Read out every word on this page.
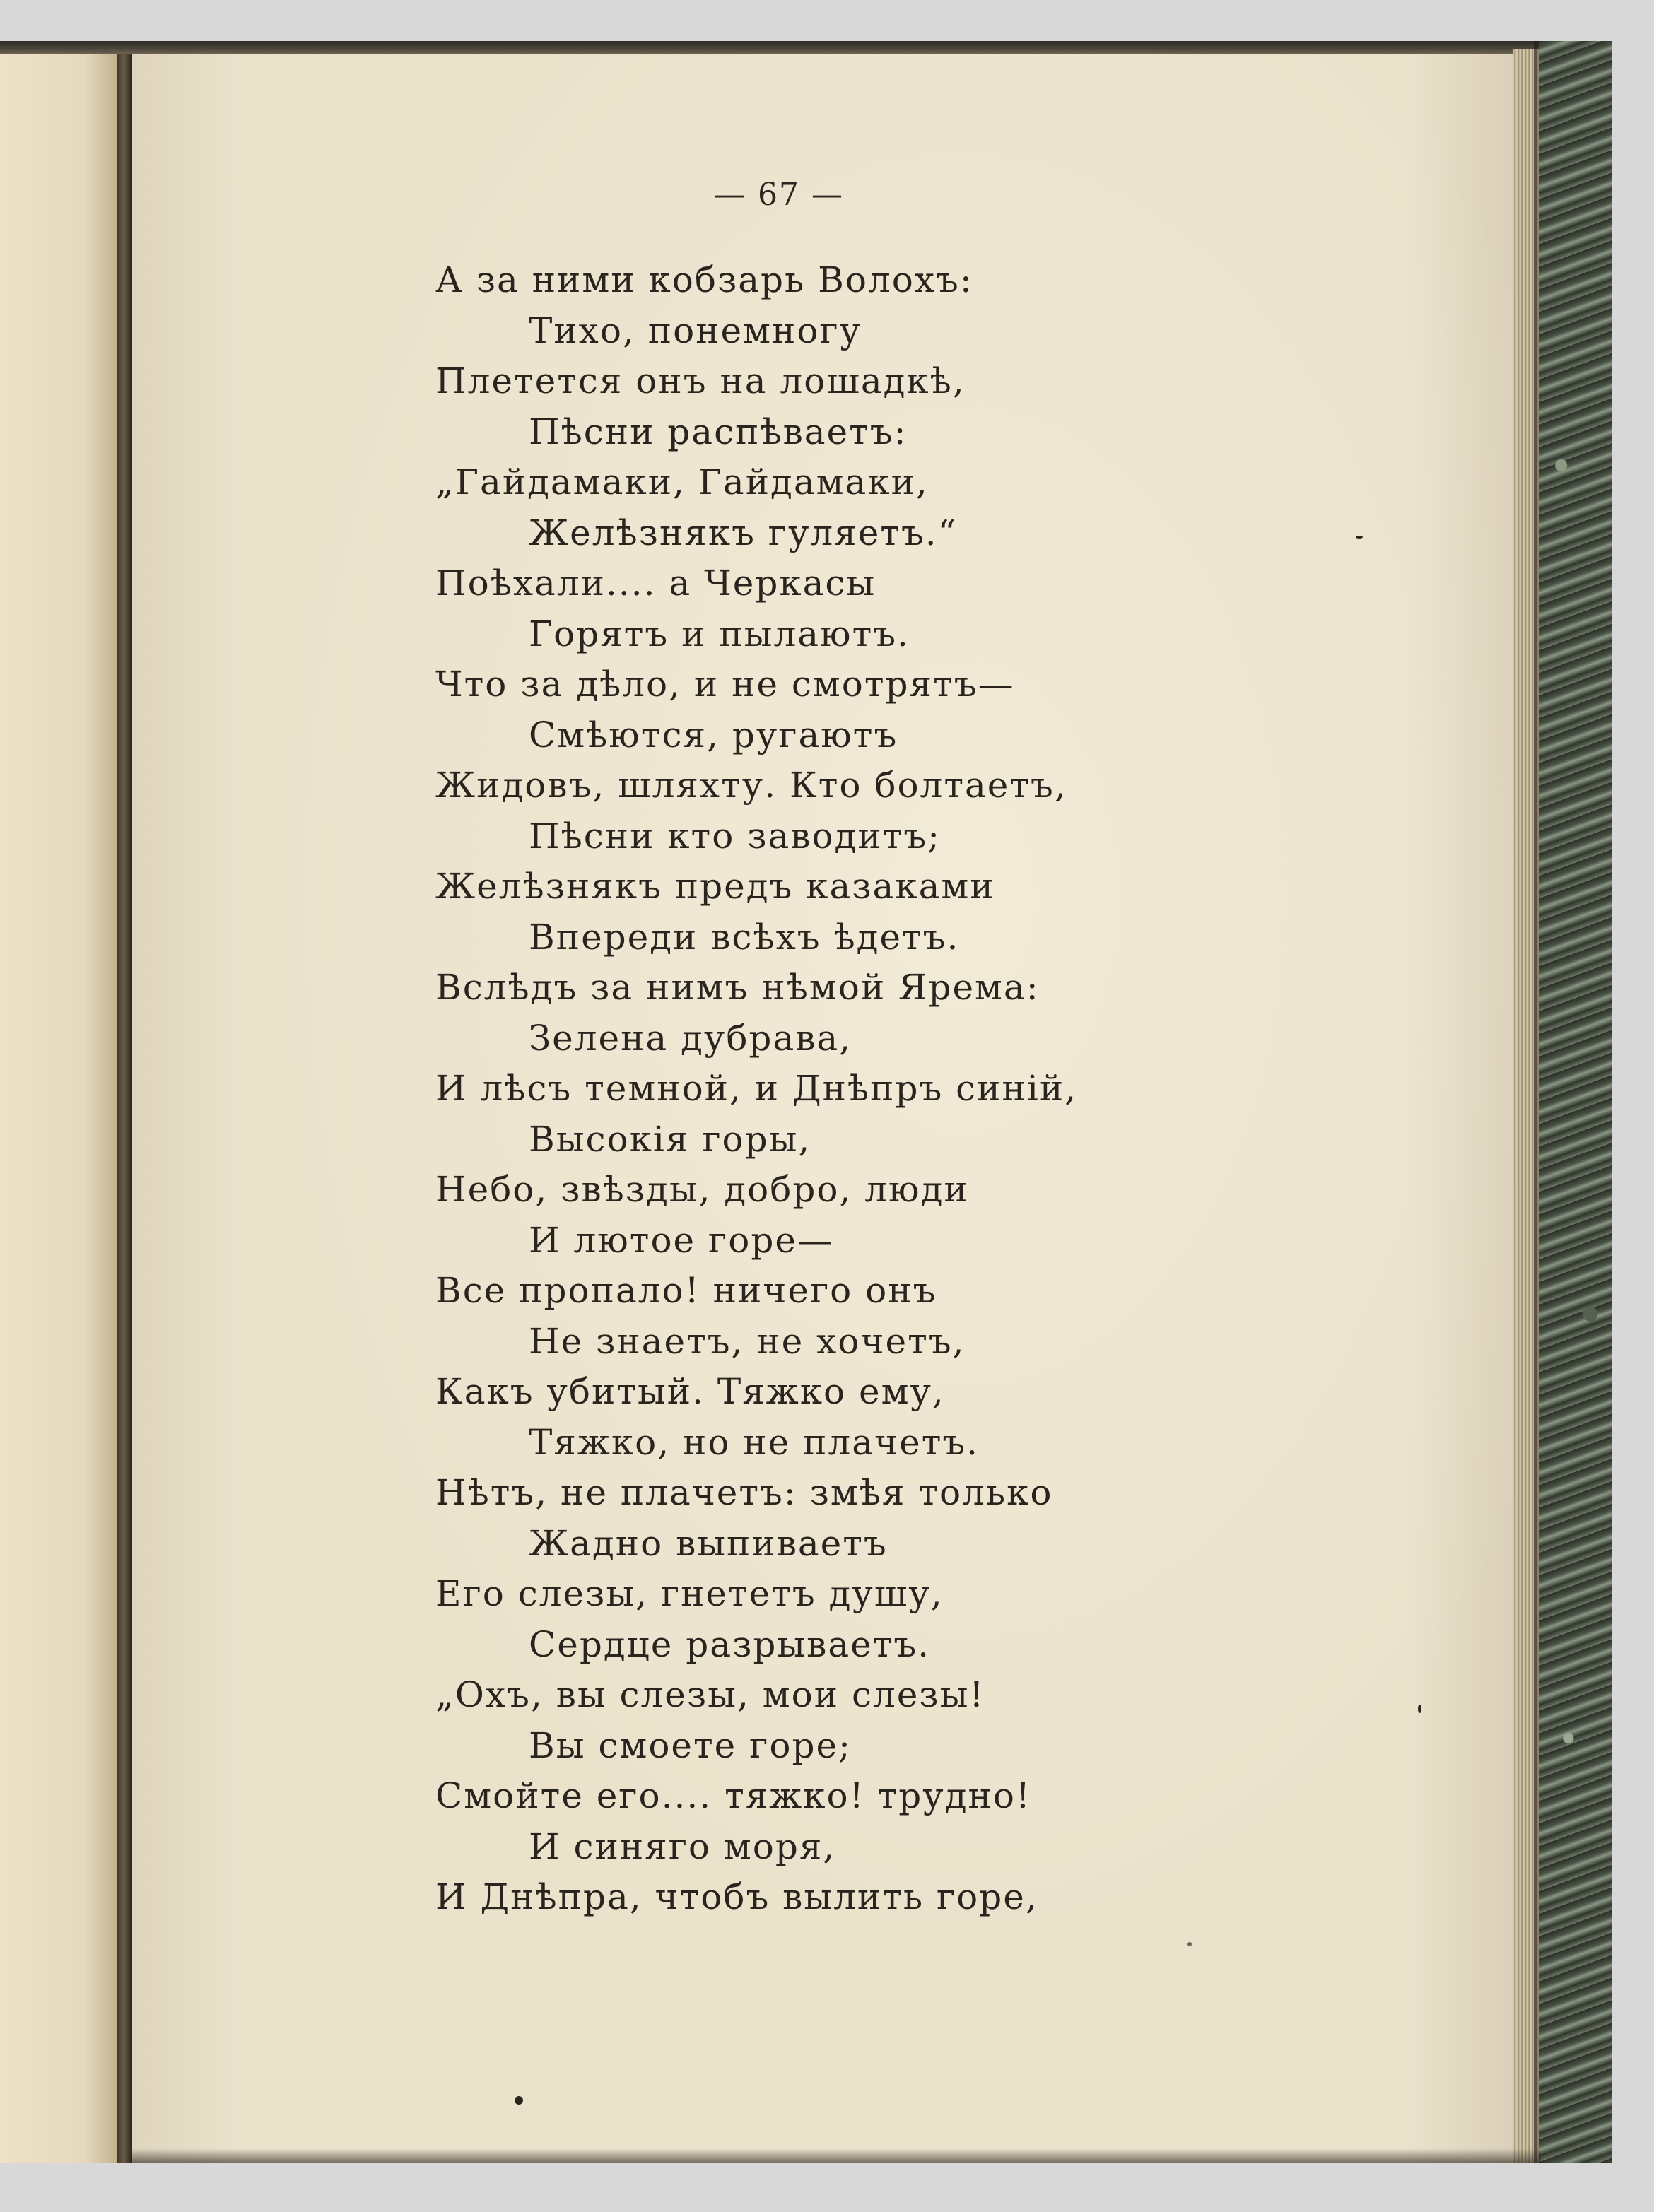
— 67 —
А за ними кобзарь Волохъ:
Тихо, понемногу
Плетется онъ на лошадкѣ,
Пѣсни распѣваетъ:
„Гайдамаки, Гайдамаки,
Желѣзнякъ гуляетъ.“
Поѣхали.... а Черкасы
Горятъ и пылаютъ.
Что за дѣло, и не смотрятъ—
Смѣются, ругаютъ
Жидовъ, шляхту. Кто болтаетъ,
Пѣсни кто заводитъ;
Желѣзнякъ предъ казаками
Впереди всѣхъ ѣдетъ.
Вслѣдъ за нимъ нѣмой Ярема:
Зелена дубрава,
И лѣсъ темной, и Днѣпръ синій,
Высокія горы,
Небо, звѣзды, добро, люди
И лютое горе—
Все пропало! ничего онъ
Не знаетъ, не хочетъ,
Какъ убитый. Тяжко ему,
Тяжко, но не плачетъ.
Нѣтъ, не плачетъ: змѣя только
Жадно выпиваетъ
Его слезы, гнететъ душу,
Сердце разрываетъ.
„Охъ, вы слезы, мои слезы!
Вы смоете горе;
Смойте его.... тяжко! трудно!
И синяго моря,
И Днѣпра, чтобъ вылить горе,
